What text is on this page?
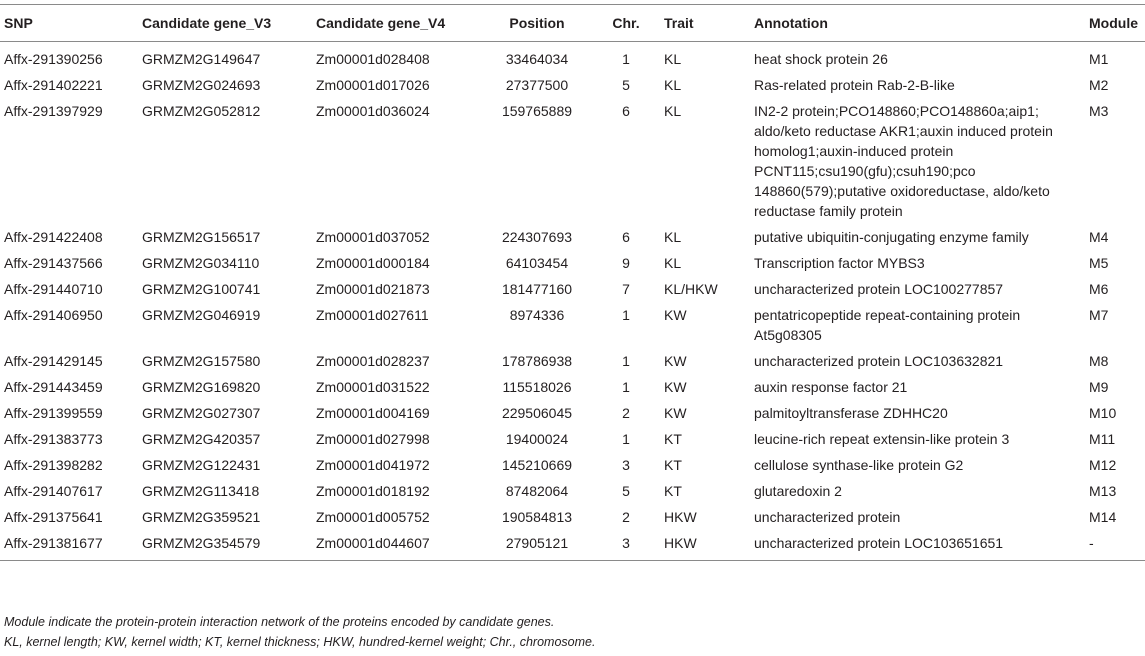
SNP	Candidate gene_V3	Candidate gene_V4	Position	Chr.	Trait	Annotation	Module
Affx-291390256	GRMZM2G149647	Zm00001d028408	33464034	1	KL	heat shock protein 26	M1
Affx-291402221	GRMZM2G024693	Zm00001d017026	27377500	5	KL	Ras-related protein Rab-2-B-like	M2
Affx-291397929	GRMZM2G052812	Zm00001d036024	159765889	6	KL	IN2-2 protein;PCO148860;PCO148860a;aip1; aldo/keto reductase AKR1;auxin induced protein homolog1;auxin-induced protein PCNT115;csu190(gfu);csuh190;pco 148860(579);putative oxidoreductase, aldo/keto reductase family protein	M3
Affx-291422408	GRMZM2G156517	Zm00001d037052	224307693	6	KL	putative ubiquitin-conjugating enzyme family	M4
Affx-291437566	GRMZM2G034110	Zm00001d000184	64103454	9	KL	Transcription factor MYBS3	M5
Affx-291440710	GRMZM2G100741	Zm00001d021873	181477160	7	KL/HKW	uncharacterized protein LOC100277857	M6
Affx-291406950	GRMZM2G046919	Zm00001d027611	8974336	1	KW	pentatricopeptide repeat-containing protein At5g08305	M7
Affx-291429145	GRMZM2G157580	Zm00001d028237	178786938	1	KW	uncharacterized protein LOC103632821	M8
Affx-291443459	GRMZM2G169820	Zm00001d031522	115518026	1	KW	auxin response factor 21	M9
Affx-291399559	GRMZM2G027307	Zm00001d004169	229506045	2	KW	palmitoyltransferase ZDHHC20	M10
Affx-291383773	GRMZM2G420357	Zm00001d027998	19400024	1	KT	leucine-rich repeat extensin-like protein 3	M11
Affx-291398282	GRMZM2G122431	Zm00001d041972	145210669	3	KT	cellulose synthase-like protein G2	M12
Affx-291407617	GRMZM2G113418	Zm00001d018192	87482064	5	KT	glutaredoxin 2	M13
Affx-291375641	GRMZM2G359521	Zm00001d005752	190584813	2	HKW	uncharacterized protein	M14
Affx-291381677	GRMZM2G354579	Zm00001d044607	27905121	3	HKW	uncharacterized protein LOC103651651	-
Module indicate the protein-protein interaction network of the proteins encoded by candidate genes.
KL, kernel length; KW, kernel width; KT, kernel thickness; HKW, hundred-kernel weight; Chr., chromosome.
